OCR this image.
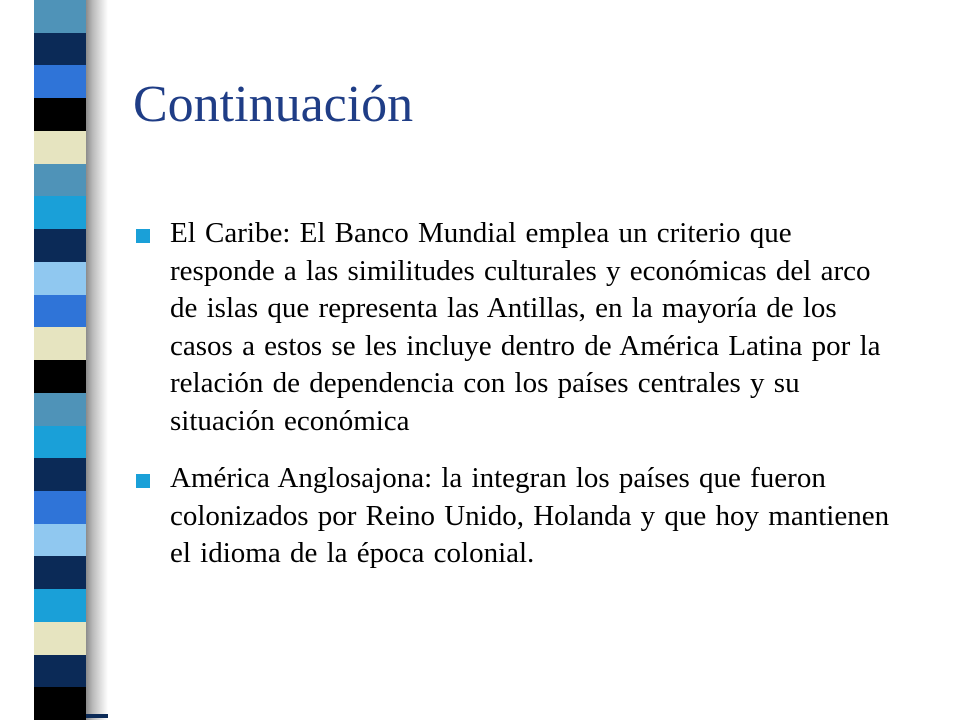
Continuación
El Caribe: El Banco Mundial emplea un criterio que responde a las similitudes culturales y económicas del arco de islas que representa las Antillas, en la mayoría de los casos a estos se les incluye dentro de América Latina por la relación de dependencia con los países centrales y su situación económica
América Anglosajona: la integran los países que fueron colonizados por Reino Unido, Holanda y que hoy mantienen el idioma de la época colonial.
